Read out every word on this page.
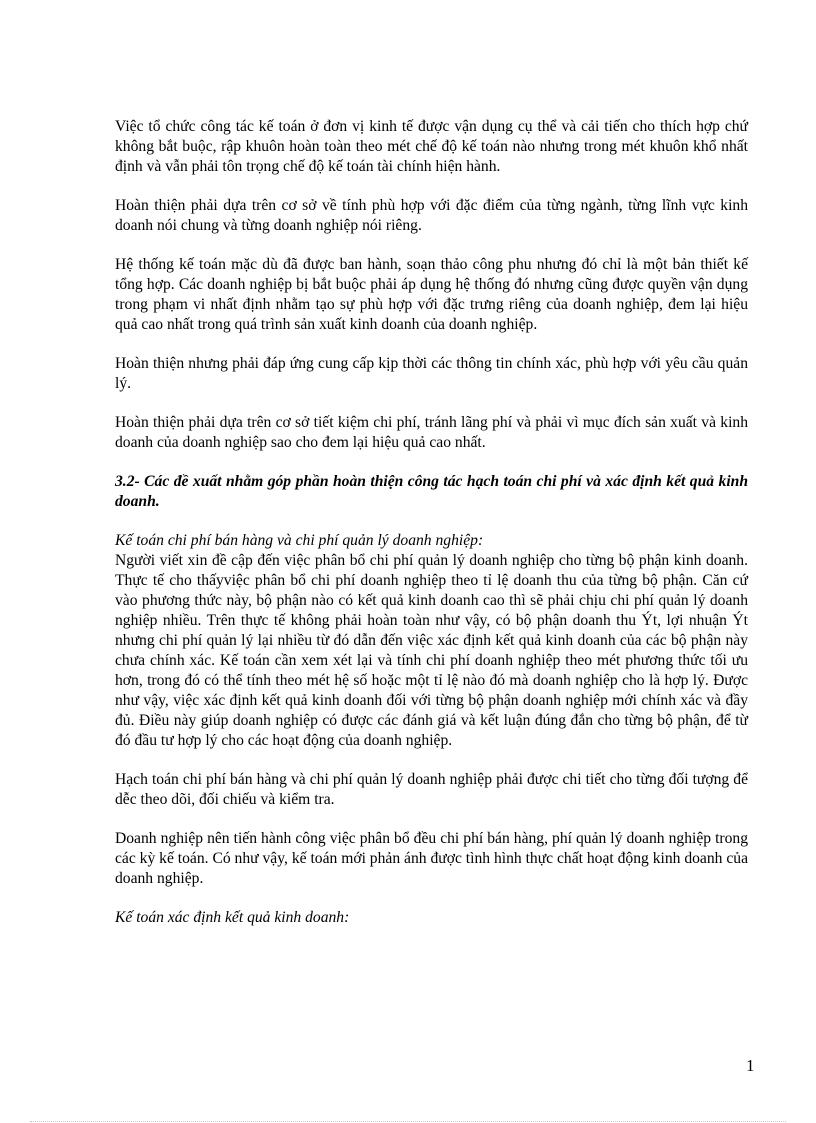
Việc tổ chức công tác kế toán ở đơn vị kinh tế được vận dụng cụ thể và cải tiến cho thích hợp chứ không bắt buộc, rập khuôn hoàn toàn theo mét chế độ kế toán nào nhưng trong mét khuôn khổ nhất định và vẫn phải tôn trọng chế độ kế toán tài chính hiện hành.

Hoàn thiện phải dựa trên cơ sở về tính phù hợp với đặc điểm của từng ngành, từng lĩnh vực kinh doanh nói chung và từng doanh nghiệp nói riêng.

Hệ thống kế toán mặc dù đã được ban hành, soạn thảo công phu nhưng đó chỉ là một bản thiết kế tổng hợp. Các doanh nghiệp bị bắt buộc phải áp dụng hệ thống đó nhưng cũng được quyền vận dụng trong phạm vi nhất định nhằm tạo sự phù hợp với đặc trưng riêng của doanh nghiệp, đem lại hiệu quả cao nhất trong quá trình sản xuất kinh doanh của doanh nghiệp.

Hoàn thiện nhưng phải đáp ứng cung cấp kịp thời các thông tin chính xác, phù hợp với yêu cầu quản lý.

Hoàn thiện phải dựa trên cơ sở tiết kiệm chi phí, tránh lãng phí và phải vì mục đích sản xuất và kinh doanh của doanh nghiệp sao cho đem lại hiệu quả cao nhất.

3.2- Các đề xuất nhằm góp phần hoàn thiện công tác hạch toán chi phí và xác định kết quả kinh doanh.

Kế toán chi phí bán hàng và chi phí quản lý doanh nghiệp:

Người viết xin đề cập đến việc phân bổ chi phí quản lý doanh nghiệp cho từng bộ phận kinh doanh. Thực tế cho thấyviệc phân bổ chi phí doanh nghiệp theo tỉ lệ doanh thu của từng bộ phận. Căn cứ vào phương thức này, bộ phận nào có kết quả kinh doanh cao thì sẽ phải chịu chi phí quản lý doanh nghiệp nhiều. Trên thực tế không phải hoàn toàn như vậy, có bộ phận doanh thu Ýt, lợi nhuận Ýt nhưng chi phí quản lý lại nhiều từ đó dẫn đến việc xác định kết quả kinh doanh của các bộ phận này chưa chính xác. Kế toán cần xem xét lại và tính chi phí doanh nghiệp theo mét phương thức tối ưu hơn, trong đó có thể tính theo mét hệ số hoặc một tỉ lệ nào đó mà doanh nghiệp cho là hợp lý. Được như vậy, việc xác định kết quả kinh doanh đối với từng bộ phận doanh nghiệp mới chính xác và đầy đủ. Điều này giúp doanh nghiệp có được các đánh giá và kết luận đúng đắn cho từng bộ phận, để từ đó đầu tư hợp lý cho các hoạt động của doanh nghiệp.

Hạch toán chi phí bán hàng và chi phí quản lý doanh nghiệp phải được chi tiết cho từng đối tượng để dễc theo dõi, đối chiếu và kiểm tra.

Doanh nghiệp nên tiến hành công việc phân bổ đều chi phí bán hàng, phí quản lý doanh nghiệp trong các kỳ kế toán. Có như vậy, kế toán mới phản ánh được tình hình thực chất hoạt động kinh doanh của doanh nghiệp.

Kế toán xác định kết quả kinh doanh:

1
